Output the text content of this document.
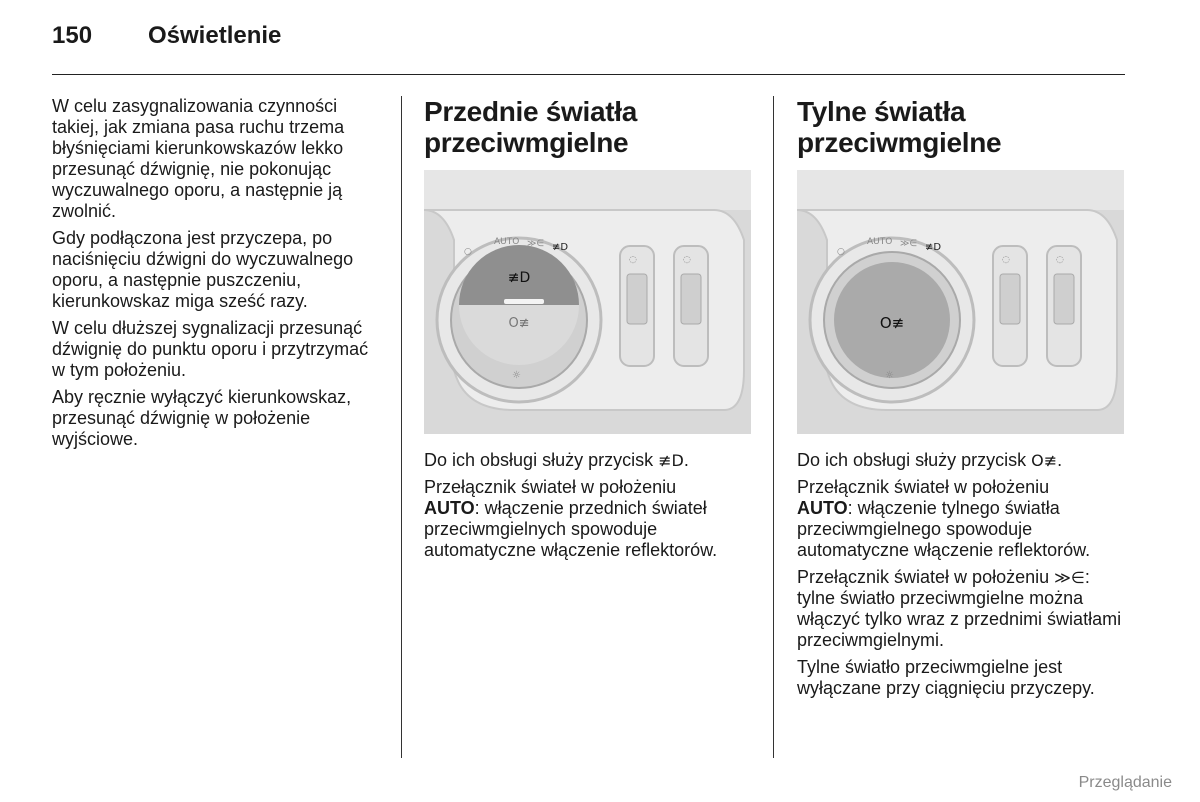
150 Oświetlenie

W celu zasygnalizowania czynności takiej, jak zmiana pasa ruchu trzema błyśnięciami kierunkowskazów lekko przesunąć dźwignię, nie pokonując wyczuwalnego oporu, a następnie ją zwolnić.

Gdy podłączona jest przyczepa, po naciśnięciu dźwigni do wyczuwalnego oporu, a następnie puszczeniu, kierunkowskaz miga sześć razy.

W celu dłuższej sygnalizacji przesunąć dźwignię do punktu oporu i przytrzymać w tym położeniu.

Aby ręcznie wyłączyć kierunkowskaz, przesunąć dźwignię w położenie wyjściowe.

Przednie światła przeciwmgielne
≢D
O≢
AUTO
○
≫∈ ≢D
☼
◌	◌

Do ich obsługi służy przycisk ≢D.

Przełącznik świateł w położeniu
AUTO: włączenie przednich świateł przeciwmgielnych spowoduje automatyczne włączenie reflektorów.

Tylne światła przeciwmgielne
O≢
AUTO
○
≫∈ ≢D
☼
◌	◌

Do ich obsługi służy przycisk O≢.

Przełącznik świateł w położeniu
AUTO: włączenie tylnego światła przeciwmgielnego spowoduje automatyczne włączenie reflektorów.

Przełącznik świateł w położeniu ≫∈: tylne światło przeciwmgielne można włączyć tylko wraz z przednimi światłami przeciwmgielnymi.

Tylne światło przeciwmgielne jest wyłączane przy ciągnięciu przyczepy.

Przeglądanie
